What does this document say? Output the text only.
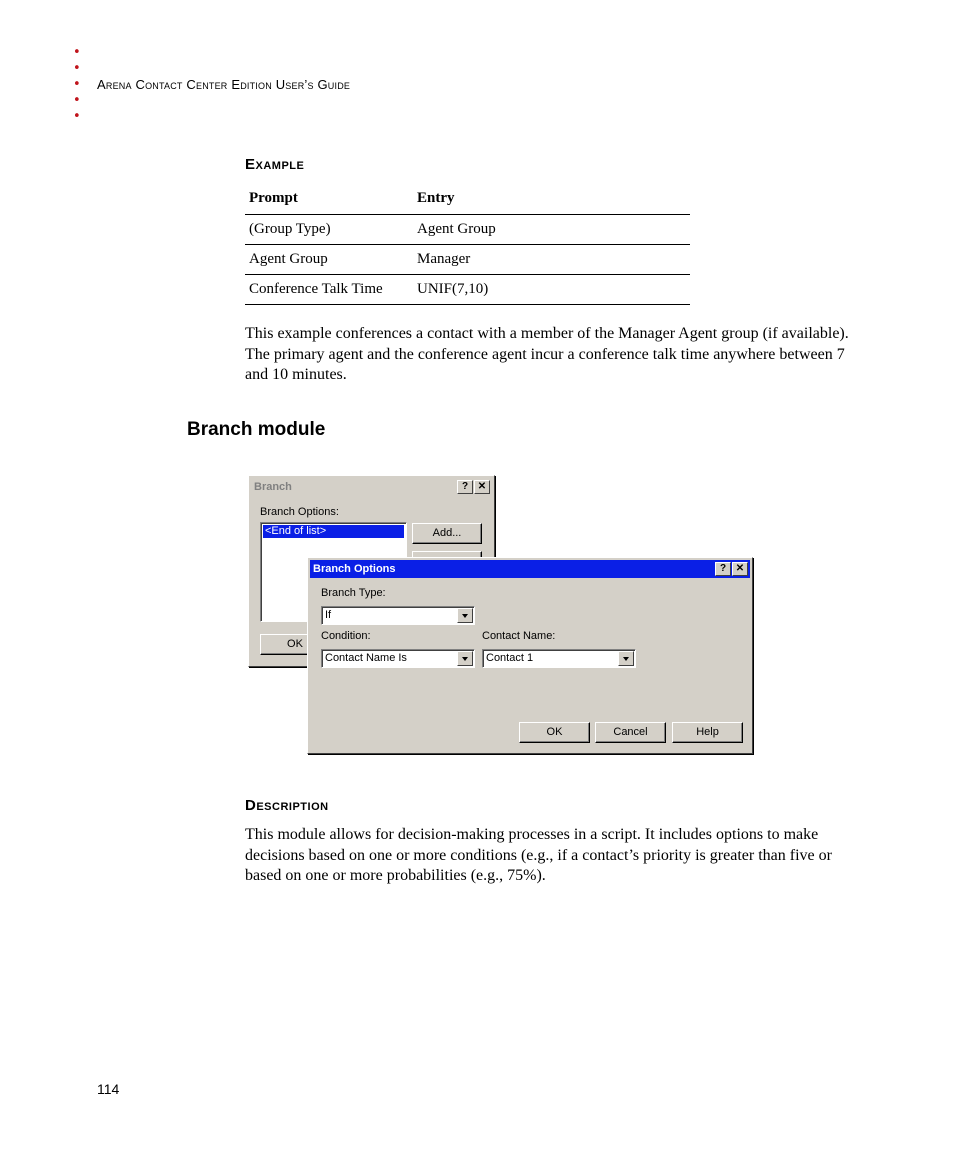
•
•
•
•
•
Arena Contact Center Edition User’s Guide
Example
Prompt	Entry
(Group Type)	Agent Group
Agent Group	Manager
Conference Talk Time	UNIF(7,10)
This example conferences a contact with a member of the Manager Agent group (if available). The primary agent and the conference agent incur a conference talk time anywhere between 7 and 10 minutes.
Branch module
Branch	? ✕
Branch Options:
<End of list>	Add...
OK
Branch Options	? ✕
Branch Type:
If
Condition:
Contact Name Is
Contact Name:
Contact 1
OK	Cancel	Help
Description
This module allows for decision-making processes in a script. It includes options to make decisions based on one or more conditions (e.g., if a contact’s priority is greater than five or based on one or more probabilities (e.g., 75%).
114
